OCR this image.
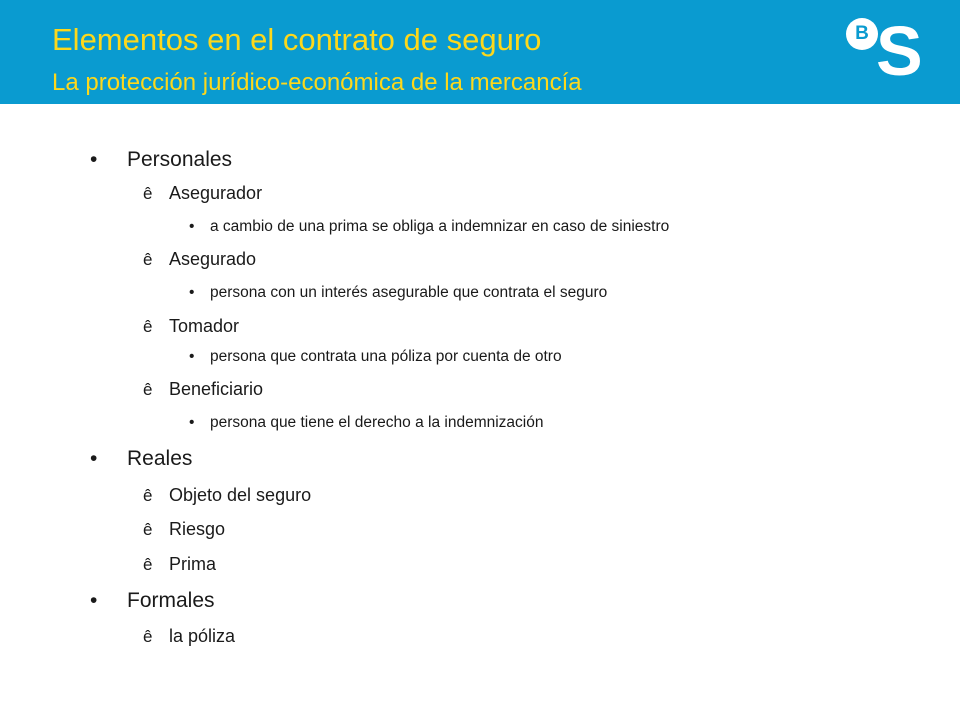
Elementos en el contrato de seguro
La protección jurídico-económica de la mercancía
B S
• Personales
ê Asegurador
• a cambio de una prima se obliga a indemnizar en caso de siniestro
ê Asegurado
• persona con un interés asegurable que contrata el seguro
ê Tomador
• persona que contrata una póliza por cuenta de otro
ê Beneficiario
• persona que tiene el derecho a la indemnización
• Reales
ê Objeto del seguro
ê Riesgo
ê Prima
• Formales
ê la póliza
